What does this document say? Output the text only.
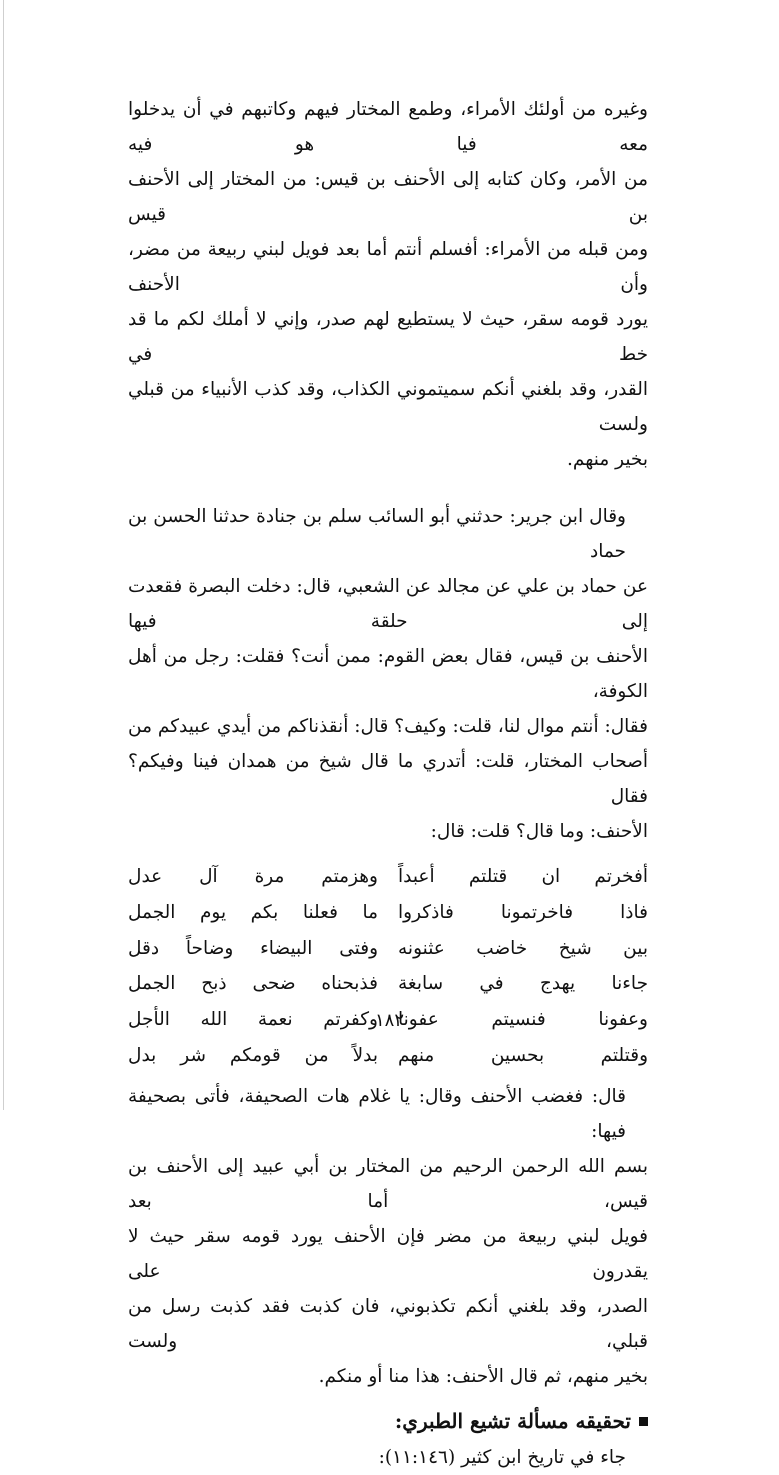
وغيره من أولئك الأمراء، وطمع المختار فيهم وكاتبهم في أن يدخلوا معه فيا هو فيه
من الأمر، وكان كتابه إلى الأحنف بن قيس: من المختار إلى الأحنف بن قيس
ومن قبله من الأمراء: أفسلم أنتم أما بعد فويل لبني ربيعة من مضر، وأن الأحنف
يورد قومه سقر، حيث لا يستطيع لهم صدر، وإني لا أملك لكم ما قد خط في
القدر، وقد بلغني أنكم سميتموني الكذاب، وقد كذب الأنبياء من قبلي ولست
بخير منهم.

وقال ابن جرير: حدثني أبو السائب سلم بن جنادة حدثنا الحسن بن حماد
عن حماد بن علي عن مجالد عن الشعبي، قال: دخلت البصرة فقعدت إلى حلقة فيها
الأحنف بن قيس، فقال بعض القوم: ممن أنت؟ فقلت: رجل من أهل الكوفة،
فقال: أنتم موال لنا، قلت: وكيف؟ قال: أنقذناكم من أيدي عبيدكم من
أصحاب المختار، قلت: أتدري ما قال شيخ من همدان فينا وفيكم؟ فقال
الأحنف: وما قال؟ قلت: قال:

أفخرتم ان قتلتم أعبداً
وهزمتم مرة آل عدل
فاذا فاخرتمونا فاذكروا
ما فعلنا بكم يوم الجمل
بين شيخ خاضب عثنونه
وفتى البيضاء وضاحاً دقل
جاءنا يهدج في سابغة
فذبحناه ضحى ذبح الجمل
وعفونا فنسيتم عفونا
وكفرتم نعمة الله الأجل
وقتلتم بحسين منهم
بدلاً من قومكم شر بدل

قال: فغضب الأحنف وقال: يا غلام هات الصحيفة، فأتى بصحيفة فيها:
بسم الله الرحمن الرحيم من المختار بن أبي عبيد إلى الأحنف بن قيس، أما بعد
فويل لبني ربيعة من مضر فإن الأحنف يورد قومه سقر حيث لا يقدرون على
الصدر، وقد بلغني أنكم تكذبوني، فان كذبت فقد كذبت رسل من قبلي، ولست
بخير منهم، ثم قال الأحنف: هذا منا أو منكم.

تحقيقه مسألة تشيع الطبري:

جاء في تاريخ ابن كثير (١١:١٤٦):

١٨٢
